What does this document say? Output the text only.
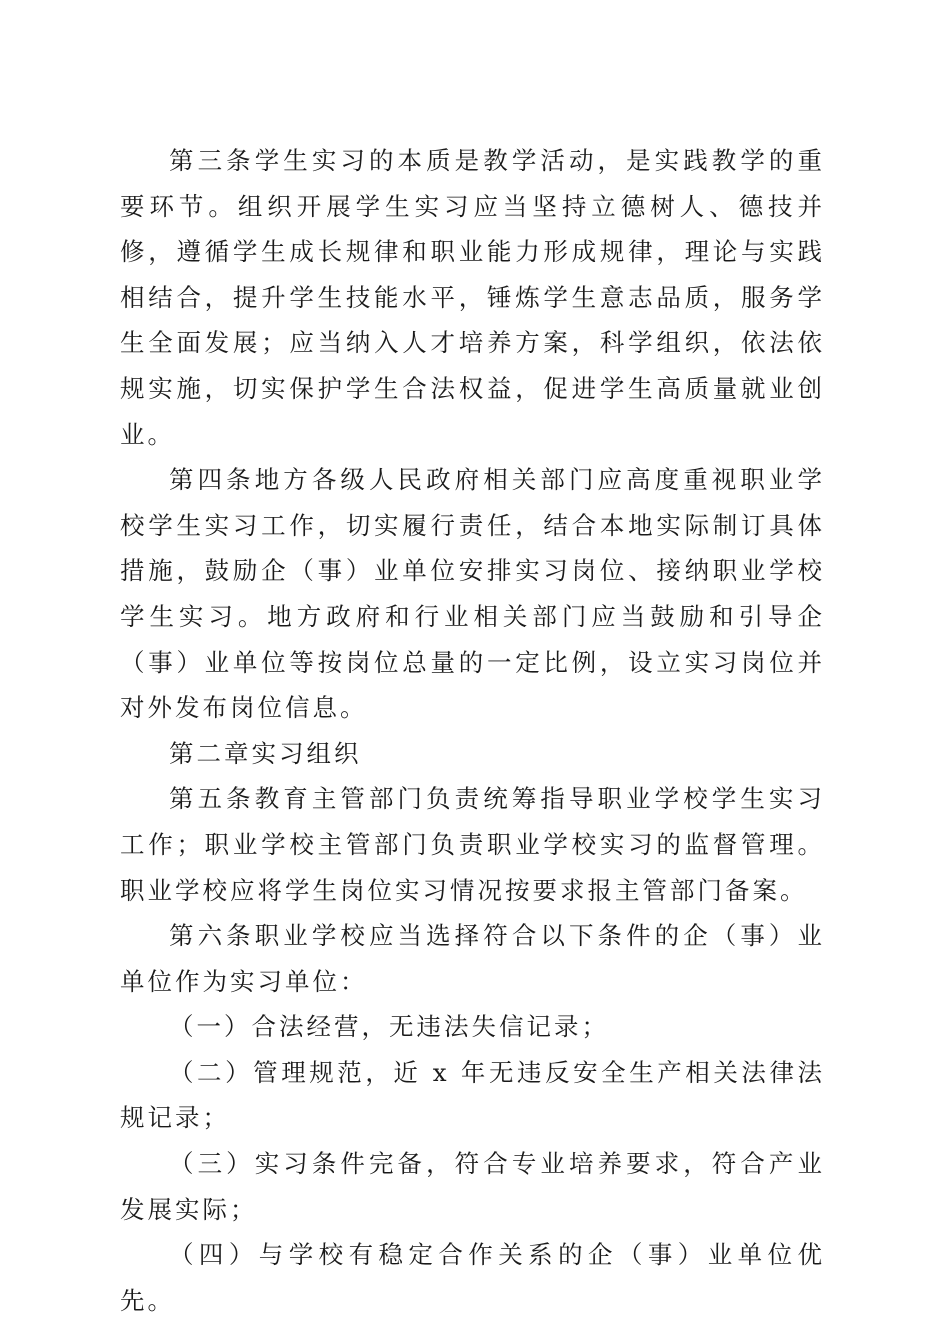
第三条学生实习的本质是教学活动，是实践教学的重要环节。组织开展学生实习应当坚持立德树人、德技并修，遵循学生成长规律和职业能力形成规律，理论与实践相结合，提升学生技能水平，锤炼学生意志品质，服务学生全面发展；应当纳入人才培养方案，科学组织，依法依规实施，切实保护学生合法权益，促进学生高质量就业创业。

第四条地方各级人民政府相关部门应高度重视职业学校学生实习工作，切实履行责任，结合本地实际制订具体措施，鼓励企（事）业单位安排实习岗位、接纳职业学校学生实习。地方政府和行业相关部门应当鼓励和引导企（事）业单位等按岗位总量的一定比例，设立实习岗位并对外发布岗位信息。

第二章实习组织

第五条教育主管部门负责统筹指导职业学校学生实习工作；职业学校主管部门负责职业学校实习的监督管理。职业学校应将学生岗位实习情况按要求报主管部门备案。

第六条职业学校应当选择符合以下条件的企（事）业单位作为实习单位：

（一）合法经营，无违法失信记录；

（二）管理规范，近 x 年无违反安全生产相关法律法规记录；

（三）实习条件完备，符合专业培养要求，符合产业发展实际；

（四）与学校有稳定合作关系的企（事）业单位优先。
